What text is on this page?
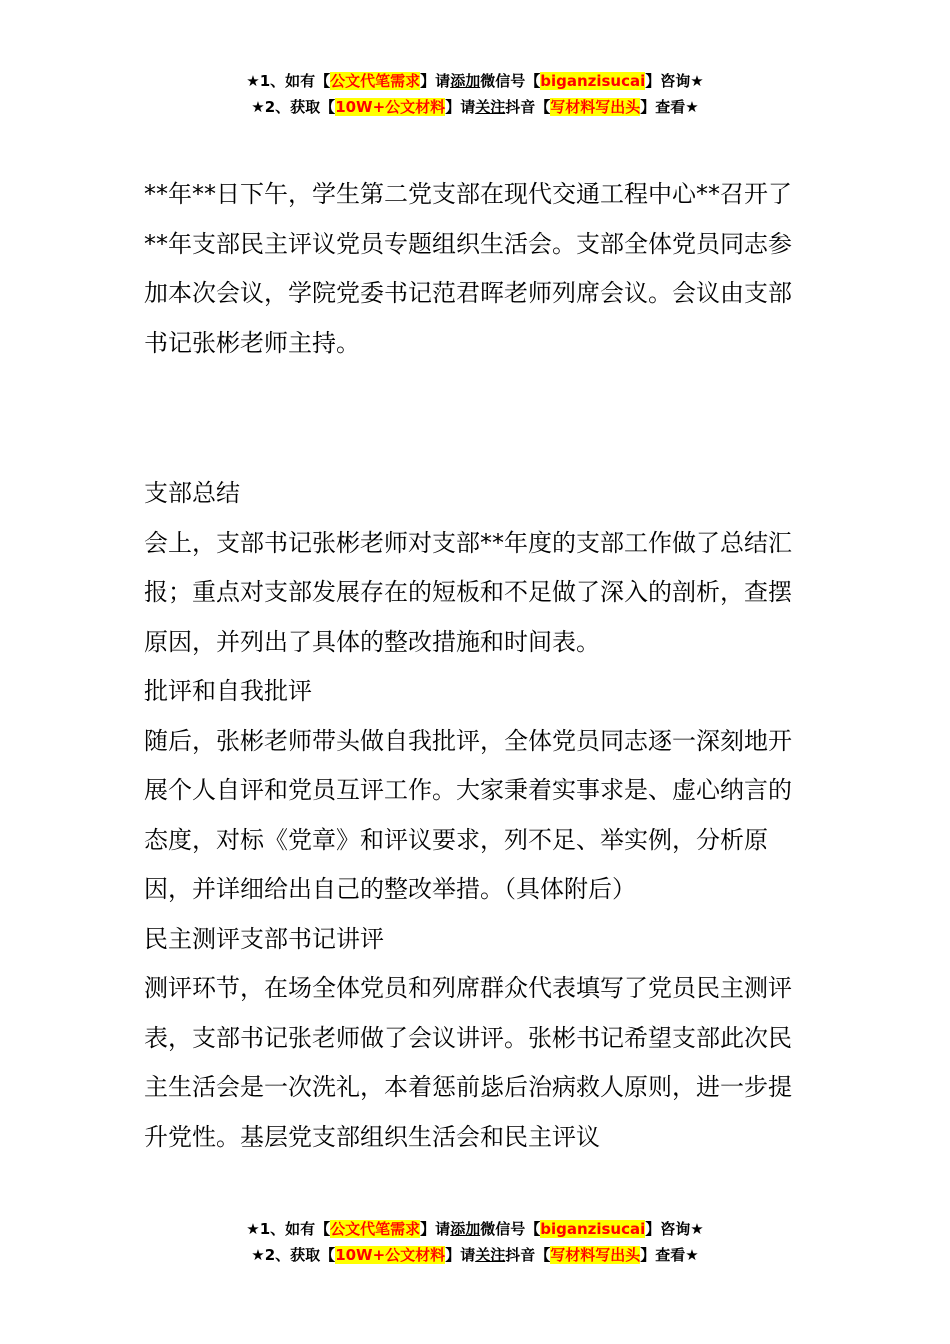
★1、如有【公文代笔需求】请添加微信号【biganzisucai】咨询★
★2、获取【10W+公文材料】请关注抖音【写材料写出头】查看★

**年**日下午，学生第二党支部在现代交通工程中心**召开了**年支部民主评议党员专题组织生活会。支部全体党员同志参加本次会议，学院党委书记范君晖老师列席会议。会议由支部书记张彬老师主持。

支部总结

会上，支部书记张彬老师对支部**年度的支部工作做了总结汇报；重点对支部发展存在的短板和不足做了深入的剖析，查摆原因，并列出了具体的整改措施和时间表。

批评和自我批评

随后，张彬老师带头做自我批评，全体党员同志逐一深刻地开展个人自评和党员互评工作。大家秉着实事求是、虚心纳言的态度，对标《党章》和评议要求，列不足、举实例，分析原因，并详细给出自己的整改举措。（具体附后）

民主测评支部书记讲评

测评环节，在场全体党员和列席群众代表填写了党员民主测评表，支部书记张老师做了会议讲评。张彬书记希望支部此次民主生活会是一次洗礼，本着惩前毖后治病救人原则，进一步提升党性。基层党支部组织生活会和民主评议

★1、如有【公文代笔需求】请添加微信号【biganzisucai】咨询★
★2、获取【10W+公文材料】请关注抖音【写材料写出头】查看★
